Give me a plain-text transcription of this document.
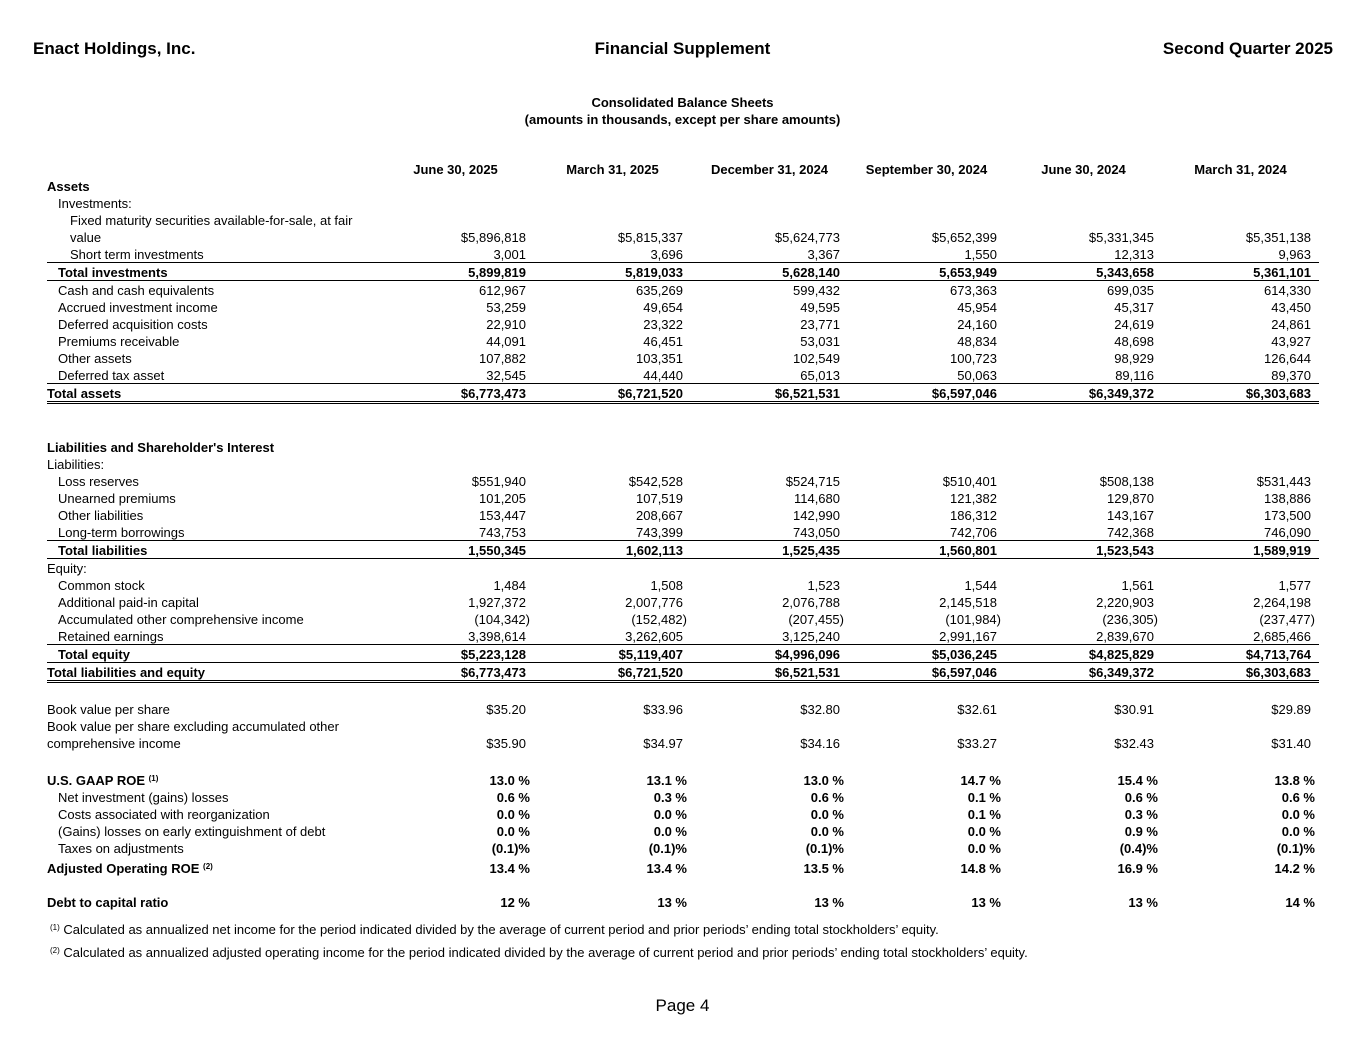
Enact Holdings, Inc.	Financial Supplement	Second Quarter 2025
Consolidated Balance Sheets
(amounts in thousands, except per share amounts)
	June 30, 2025	March 31, 2025	December 31, 2024	September 30, 2024	June 30, 2024	March 31, 2024
Assets						
Investments:						
Fixed maturity securities available-for-sale, at fair						
value	$5,896,818	$5,815,337	$5,624,773	$5,652,399	$5,331,345	$5,351,138
Short term investments	3,001	3,696	3,367	1,550	12,313	9,963
Total investments	5,899,819	5,819,033	5,628,140	5,653,949	5,343,658	5,361,101
Cash and cash equivalents	612,967	635,269	599,432	673,363	699,035	614,330
Accrued investment income	53,259	49,654	49,595	45,954	45,317	43,450
Deferred acquisition costs	22,910	23,322	23,771	24,160	24,619	24,861
Premiums receivable	44,091	46,451	53,031	48,834	48,698	43,927
Other assets	107,882	103,351	102,549	100,723	98,929	126,644
Deferred tax asset	32,545	44,440	65,013	50,063	89,116	89,370
Total assets	$6,773,473	$6,721,520	$6,521,531	$6,597,046	$6,349,372	$6,303,683

Liabilities and Shareholder's Interest						
Liabilities:						
Loss reserves	$551,940	$542,528	$524,715	$510,401	$508,138	$531,443
Unearned premiums	101,205	107,519	114,680	121,382	129,870	138,886
Other liabilities	153,447	208,667	142,990	186,312	143,167	173,500
Long-term borrowings	743,753	743,399	743,050	742,706	742,368	746,090
Total liabilities	1,550,345	1,602,113	1,525,435	1,560,801	1,523,543	1,589,919
Equity:						
Common stock	1,484	1,508	1,523	1,544	1,561	1,577
Additional paid-in capital	1,927,372	2,007,776	2,076,788	2,145,518	2,220,903	2,264,198
Accumulated other comprehensive income	(104,342)	(152,482)	(207,455)	(101,984)	(236,305)	(237,477)
Retained earnings	3,398,614	3,262,605	3,125,240	2,991,167	2,839,670	2,685,466
Total equity	$5,223,128	$5,119,407	$4,996,096	$5,036,245	$4,825,829	$4,713,764
Total liabilities and equity	$6,773,473	$6,721,520	$6,521,531	$6,597,046	$6,349,372	$6,303,683

Book value per share	$35.20	$33.96	$32.80	$32.61	$30.91	$29.89
Book value per share excluding accumulated other						
comprehensive income	$35.90	$34.97	$34.16	$33.27	$32.43	$31.40

U.S. GAAP ROE $^{(1)}$	13.0 %	13.1 %	13.0 %	14.7 %	15.4 %	13.8 %
Net investment (gains) losses	0.6 %	0.3 %	0.6 %	0.1 %	0.6 %	0.6 %
Costs associated with reorganization	0.0 %	0.0 %	0.0 %	0.1 %	0.3 %	0.0 %
(Gains) losses on early extinguishment of debt	0.0 %	0.0 %	0.0 %	0.0 %	0.9 %	0.0 %
Taxes on adjustments	(0.1)%	(0.1)%	(0.1)%	0.0 %	(0.4)%	(0.1)%
Adjusted Operating ROE $^{(2)}$	13.4 %	13.4 %	13.5 %	14.8 %	16.9 %	14.2 %

Debt to capital ratio	12 %	13 %	13 %	13 %	13 %	14 %
$^{(1)}$ Calculated as annualized net income for the period indicated divided by the average of current period and prior periods’ ending total stockholders’ equity.
$^{(2)}$ Calculated as annualized adjusted operating income for the period indicated divided by the average of current period and prior periods’ ending total stockholders’ equity.
Page 4
